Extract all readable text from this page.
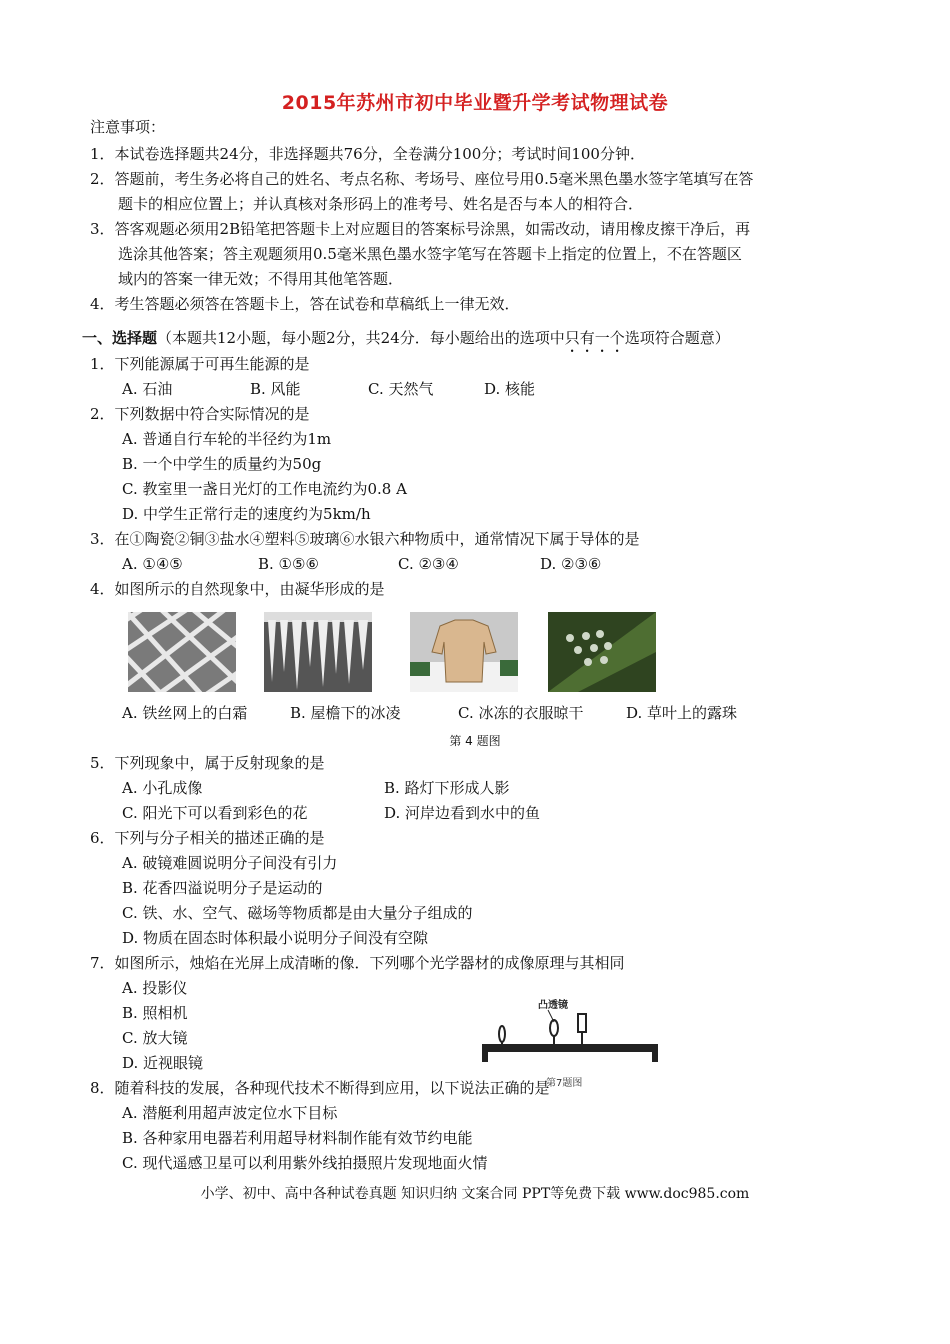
2015年苏州市初中毕业暨升学考试物理试卷
注意事项：
1．本试卷选择题共24分，非选择题共76分，全卷满分100分；考试时间100分钟．
2．答题前，考生务必将自己的姓名、考点名称、考场号、座位号用0.5毫米黑色墨水签字笔填写在答
题卡的相应位置上；并认真核对条形码上的准考号、姓名是否与本人的相符合．
3．答客观题必须用2B铅笔把答题卡上对应题目的答案标号涂黑，如需改动，请用橡皮擦干净后，再
选涂其他答案；答主观题须用0.5毫米黑色墨水签字笔写在答题卡上指定的位置上，不在答题区
域内的答案一律无效；不得用其他笔答题．
4．考生答题必须答在答题卡上，答在试卷和草稿纸上一律无效．
一、选择题（本题共12小题，每小题2分，共24分．每小题给出的选项中只有一个选项符合题意）
1．下列能源属于可再生能源的是
A. 石油	B. 风能	C. 天然气	D. 核能
2．下列数据中符合实际情况的是
A. 普通自行车轮的半径约为1m
B. 一个中学生的质量约为50g
C. 教室里一盏日光灯的工作电流约为0.8 A
D. 中学生正常行走的速度约为5km/h
3．在①陶瓷②铜③盐水④塑料⑤玻璃⑥水银六种物质中，通常情况下属于导体的是
A. ①④⑤	B. ①⑤⑥	C. ②③④	D. ②③⑥
4．如图所示的自然现象中，由凝华形成的是
A. 铁丝网上的白霜	B. 屋檐下的冰凌	C. 冰冻的衣服晾干	D. 草叶上的露珠
第 4 题图
5．下列现象中，属于反射现象的是
A. 小孔成像	B. 路灯下形成人影
C. 阳光下可以看到彩色的花	D. 河岸边看到水中的鱼
6．下列与分子相关的描述正确的是
A. 破镜难圆说明分子间没有引力
B. 花香四溢说明分子是运动的
C. 铁、水、空气、磁场等物质都是由大量分子组成的
D. 物质在固态时体积最小说明分子间没有空隙
7．如图所示，烛焰在光屏上成清晰的像．下列哪个光学器材的成像原理与其相同
A. 投影仪
B. 照相机
C. 放大镜
D. 近视眼镜
凸透镜
第7题图
8．随着科技的发展，各种现代技术不断得到应用，以下说法正确的是
A. 潜艇利用超声波定位水下目标
B. 各种家用电器若利用超导材料制作能有效节约电能
C. 现代遥感卫星可以利用紫外线拍摄照片发现地面火情
小学、初中、高中各种试卷真题 知识归纳 文案合同 PPT等免费下载 www.doc985.com
